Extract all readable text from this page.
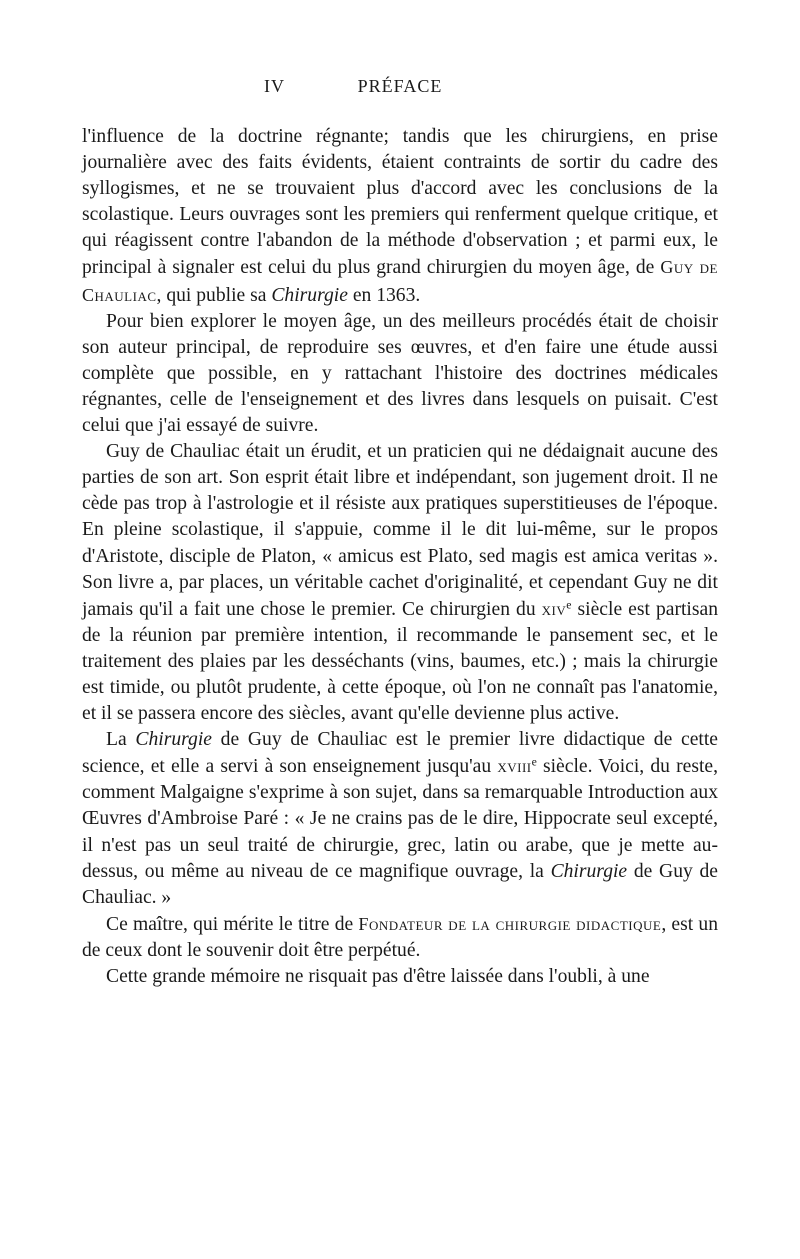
IV	PRÉFACE

l'influence de la doctrine régnante; tandis que les chirurgiens, en prise journalière avec des faits évidents, étaient contraints de sortir du cadre des syllogismes, et ne se trouvaient plus d'accord avec les conclusions de la scolastique. Leurs ouvrages sont les premiers qui renferment quelque critique, et qui réagissent contre l'abandon de la méthode d'observation ; et parmi eux, le principal à signaler est celui du plus grand chirurgien du moyen âge, de Guy de Chauliac, qui publie sa Chirurgie en 1363.

Pour bien explorer le moyen âge, un des meilleurs procédés était de choisir son auteur principal, de reproduire ses œuvres, et d'en faire une étude aussi complète que possible, en y rattachant l'histoire des doctrines médicales régnantes, celle de l'enseignement et des livres dans lesquels on puisait. C'est celui que j'ai essayé de suivre.

Guy de Chauliac était un érudit, et un praticien qui ne dédaignait aucune des parties de son art. Son esprit était libre et indépendant, son jugement droit. Il ne cède pas trop à l'astrologie et il résiste aux pratiques superstitieuses de l'époque. En pleine scolastique, il s'appuie, comme il le dit lui-même, sur le propos d'Aristote, disciple de Platon, « amicus est Plato, sed magis est amica veritas ». Son livre a, par places, un véritable cachet d'originalité, et cependant Guy ne dit jamais qu'il a fait une chose le premier. Ce chirurgien du xiv$^e$ siècle est partisan de la réunion par première intention, il recommande le pansement sec, et le traitement des plaies par les desséchants (vins, baumes, etc.) ; mais la chirurgie est timide, ou plutôt prudente, à cette époque, où l'on ne connaît pas l'anatomie, et il se passera encore des siècles, avant qu'elle devienne plus active.

La Chirurgie de Guy de Chauliac est le premier livre didactique de cette science, et elle a servi à son enseignement jusqu'au xviii$^e$ siècle. Voici, du reste, comment Malgaigne s'exprime à son sujet, dans sa remarquable Introduction aux Œuvres d'Ambroise Paré : « Je ne crains pas de le dire, Hippocrate seul excepté, il n'est pas un seul traité de chirurgie, grec, latin ou arabe, que je mette au-dessus, ou même au niveau de ce magnifique ouvrage, la Chirurgie de Guy de Chauliac. »

Ce maître, qui mérite le titre de Fondateur de la chirurgie didactique, est un de ceux dont le souvenir doit être perpétué.

Cette grande mémoire ne risquait pas d'être laissée dans l'oubli, à une
